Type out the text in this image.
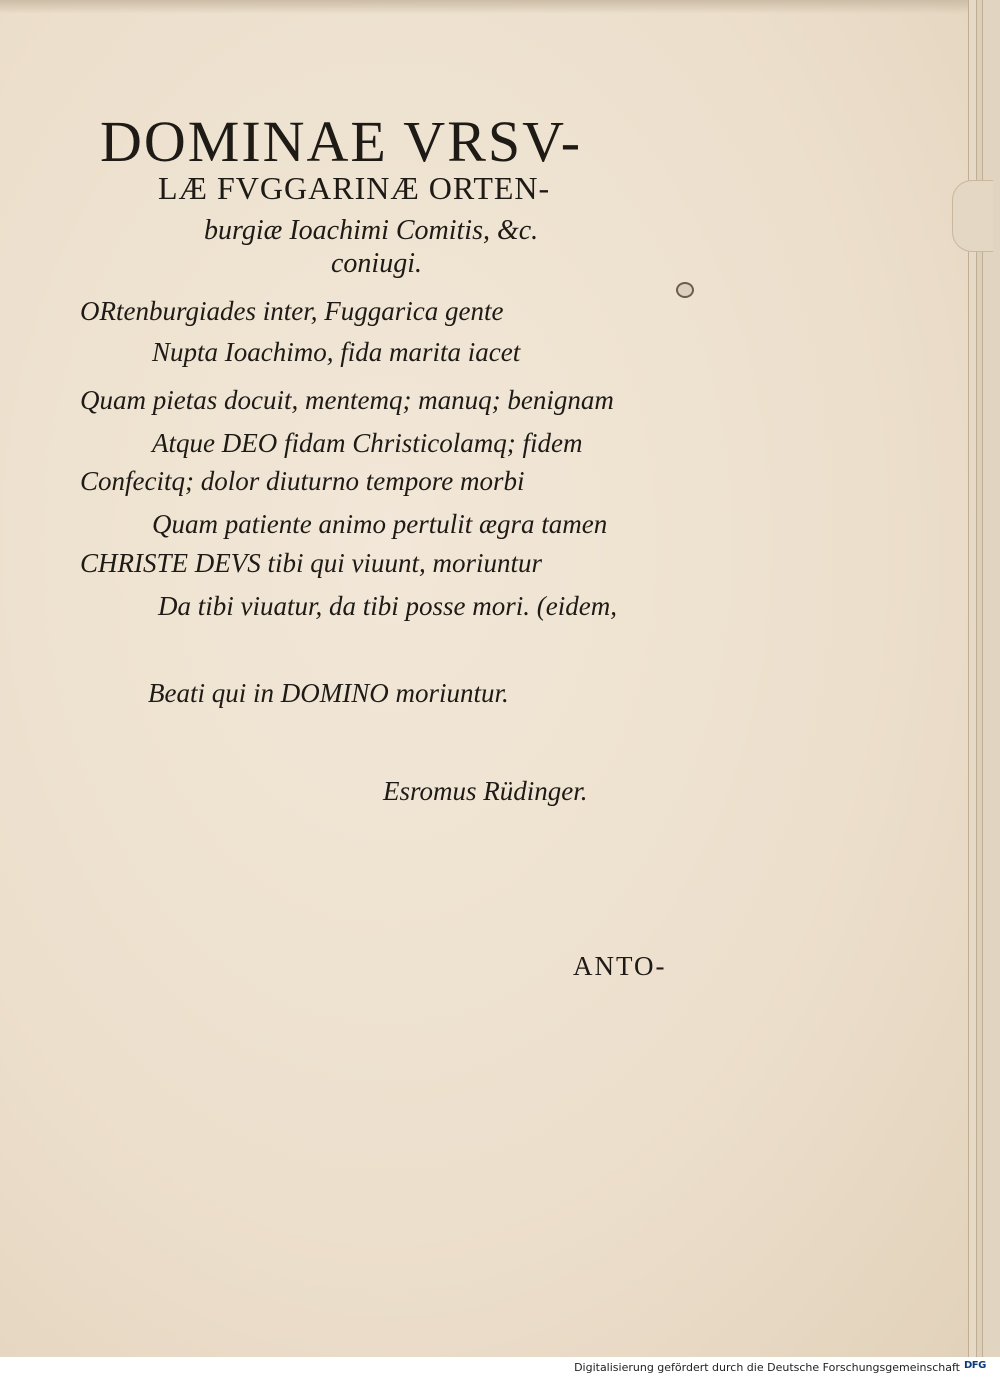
DOMINAE VRSV-
LÆ FVGGARINÆ ORTEN-
burgiæ Ioachimi Comitis, &c.
coniugi.
ORtenburgiades inter, Fuggarica gente
Nupta Ioachimo, fida marita iacet
Quam pietas docuit, mentemq; manuq; benignam
Atque DEO fidam Christicolamq; fidem
Confecitq; dolor diuturno tempore morbi
Quam patiente animo pertulit ægra tamen
CHRISTE DEVS tibi qui viuunt, moriuntur
Da tibi viuatur, da tibi posse mori. (eidem,
Beati qui in DOMINO moriuntur.
Esromus Rüdinger.
ANTO-
Digitalisierung gefördert durch die Deutsche Forschungsgemeinschaft DFG
